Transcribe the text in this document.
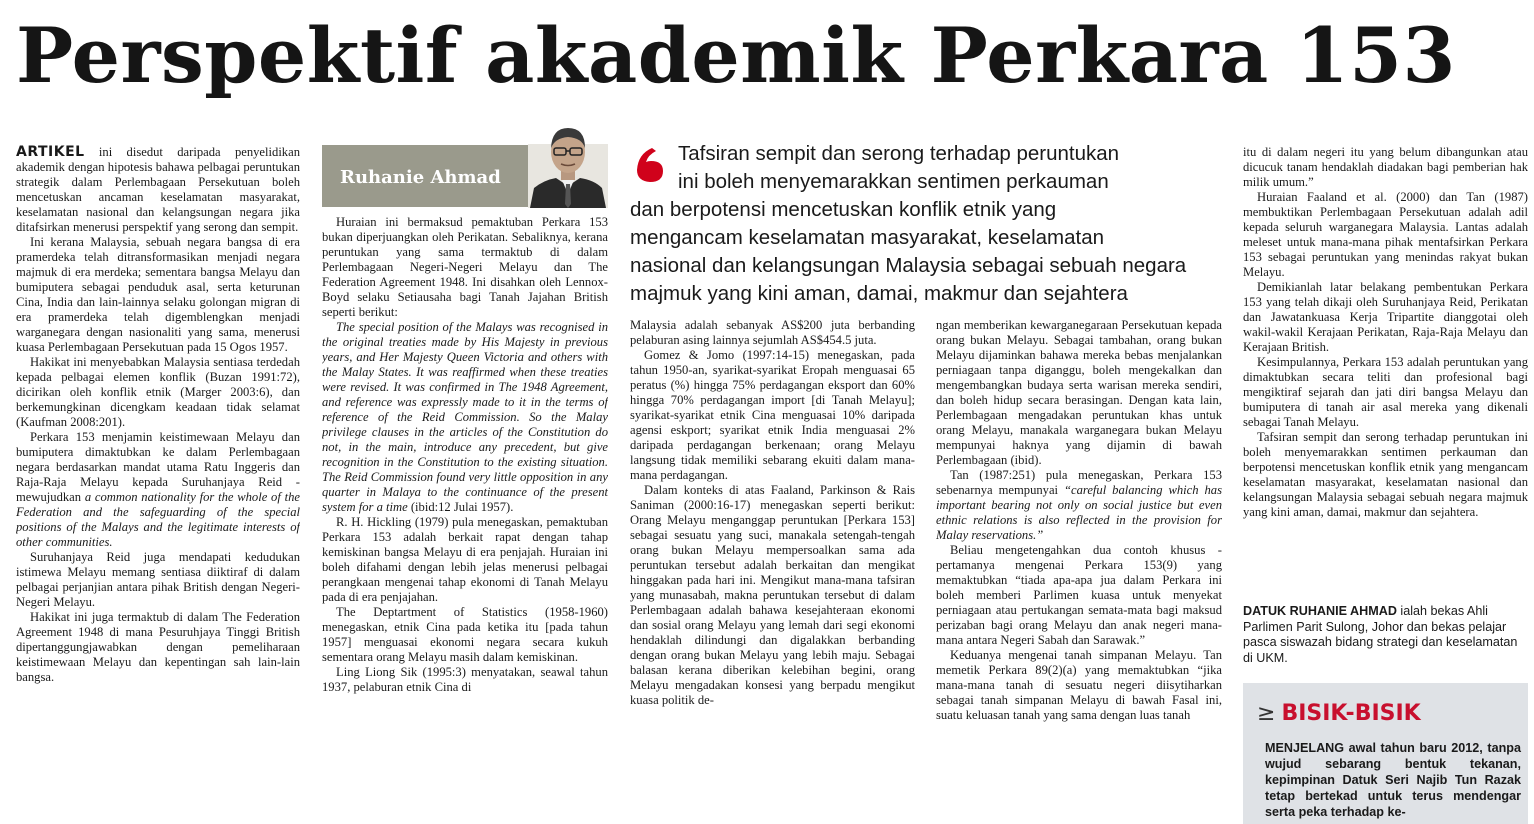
Perspektif akademik Perkara 153

ARTIKEL ini disedut daripada penyelidikan akademik dengan hipotesis bahawa pelbagai peruntukan strategik dalam Perlembagaan Persekutuan boleh mencetuskan ancaman keselamatan masyarakat, keselamatan nasional dan kelangsungan negara jika ditafsirkan menerusi perspektif yang serong dan sempit.

Ini kerana Malaysia, sebuah negara bangsa di era pramerdeka telah ditransformasikan menjadi negara majmuk di era merdeka; sementara bangsa Melayu dan bumiputera sebagai penduduk asal, serta keturunan Cina, India dan lain-lainnya selaku golongan migran di era pramerdeka telah digemblengkan menjadi warganegara dengan nasionaliti yang sama, menerusi kuasa Perlembagaan Persekutuan pada 15 Ogos 1957.

Hakikat ini menyebabkan Malaysia sentiasa terdedah kepada pelbagai elemen konflik (Buzan 1991:72), dicirikan oleh konflik etnik (Marger 2003:6), dan berkemungkinan dicengkam keadaan tidak selamat (Kaufman 2008:201).

Perkara 153 menjamin keistimewaan Melayu dan bumiputera dimaktubkan ke dalam Perlembagaan negara berdasarkan mandat utama Ratu Inggeris dan Raja-Raja Melayu kepada Suruhanjaya Reid - mewujudkan a common nationality for the whole of the Federation and the safeguarding of the special positions of the Malays and the legitimate interests of other communities.

Suruhanjaya Reid juga mendapati kedudukan istimewa Melayu memang sentiasa diiktiraf di dalam pelbagai perjanjian antara pihak British dengan Negeri-Negeri Melayu.

Hakikat ini juga termaktub di dalam The Federation Agreement 1948 di mana Pesuruhjaya Tinggi British dipertanggungjawabkan dengan pemeliharaan keistimewaan Melayu dan kepentingan sah lain-lain bangsa.

Ruhanie Ahmad

Huraian ini bermaksud pemaktuban Perkara 153 bukan diperjuangkan oleh Perikatan. Sebaliknya, kerana peruntukan yang sama termaktub di dalam Perlembagaan Negeri-Negeri Melayu dan The Federation Agreement 1948. Ini disahkan oleh Lennox-Boyd selaku Setiausaha bagi Tanah Jajahan British seperti berikut:

The special position of the Malays was recognised in the original treaties made by His Majesty in previous years, and Her Majesty Queen Victoria and others with the Malay States. It was reaffirmed when these treaties were revised. It was confirmed in The 1948 Agreement, and reference was expressly made to it in the terms of reference of the Reid Commission. So the Malay privilege clauses in the articles of the Constitution do not, in the main, introduce any precedent, but give recognition in the Constitution to the existing situation. The Reid Commission found very little opposition in any quarter in Malaya to the continuance of the present system for a time (ibid:12 Julai 1957).

R. H. Hickling (1979) pula menegaskan, pemaktuban Perkara 153 adalah berkait rapat dengan tahap kemiskinan bangsa Melayu di era penjajah. Huraian ini boleh difahami dengan lebih jelas menerusi pelbagai perangkaan mengenai tahap ekonomi di Tanah Melayu pada di era penjajahan.

The Deptartment of Statistics (1958-1960) menegaskan, etnik Cina pada ketika itu [pada tahun 1957] menguasai ekonomi negara secara kukuh sementara orang Melayu masih dalam kemiskinan.

Ling Liong Sik (1995:3) menyatakan, seawal tahun 1937, pelaburan etnik Cina di

Tafsiran sempit dan serong terhadap peruntukan
ini boleh menyemarakkan sentimen perkauman
dan berpotensi mencetuskan konflik etnik yang
mengancam keselamatan masyarakat, keselamatan
nasional dan kelangsungan Malaysia sebagai sebuah negara
majmuk yang kini aman, damai, makmur dan sejahtera

Malaysia adalah sebanyak AS$200 juta berbanding pelaburan asing lainnya sejumlah AS$454.5 juta.

Gomez & Jomo (1997:14-15) menegaskan, pada tahun 1950-an, syarikat-syarikat Eropah menguasai 65 peratus (%) hingga 75% perdagangan eksport dan 60% hingga 70% perdagangan import [di Tanah Melayu]; syarikat-syarikat etnik Cina menguasai 10% daripada agensi eskport; syarikat etnik India menguasai 2% daripada perdagangan berkenaan; orang Melayu langsung tidak memiliki sebarang ekuiti dalam mana-mana perdagangan.

Dalam konteks di atas Faaland, Parkinson & Rais Saniman (2000:16-17) menegaskan seperti berikut: Orang Melayu menganggap peruntukan [Perkara 153] sebagai sesuatu yang suci, manakala setengah-tengah orang bukan Melayu mempersoalkan sama ada peruntukan tersebut adalah berkaitan dan mengikat hinggakan pada hari ini. Mengikut mana-mana tafsiran yang munasabah, makna peruntukan tersebut di dalam Perlembagaan adalah bahawa kesejahteraan ekonomi dan sosial orang Melayu yang lemah dari segi ekonomi hendaklah dilindungi dan digalakkan berbanding dengan orang bukan Melayu yang lebih maju. Sebagai balasan kerana diberikan kelebihan begini, orang Melayu mengadakan konsesi yang berpadu mengikut kuasa politik de-

ngan memberikan kewarganegaraan Persekutuan kepada orang bukan Melayu. Sebagai tambahan, orang bukan Melayu dijaminkan bahawa mereka bebas menjalankan perniagaan tanpa diganggu, boleh mengekalkan dan mengembangkan budaya serta warisan mereka sendiri, dan boleh hidup secara berasingan. Dengan kata lain, Perlembagaan mengadakan peruntukan khas untuk orang Melayu, manakala warganegara bukan Melayu mempunyai haknya yang dijamin di bawah Perlembagaan (ibid).

Tan (1987:251) pula menegaskan, Perkara 153 sebenarnya mempunyai “careful balancing which has important bearing not only on social justice but even ethnic relations is also reflected in the provision for Malay reservations.”

Beliau mengetengahkan dua contoh khusus - pertamanya mengenai Perkara 153(9) yang memaktubkan “tiada apa-apa jua dalam Perkara ini boleh memberi Parlimen kuasa untuk menyekat perniagaan atau pertukangan semata-mata bagi maksud perizaban bagi orang Melayu dan anak negeri mana-mana antara Negeri Sabah dan Sarawak.”

Keduanya mengenai tanah simpanan Melayu. Tan memetik Perkara 89(2)(a) yang memaktubkan “jika mana-mana tanah di sesuatu negeri diisytiharkan sebagai tanah simpanan Melayu di bawah Fasal ini, suatu keluasan tanah yang sama dengan luas tanah

itu di dalam negeri itu yang belum dibangunkan atau dicucuk tanam hendaklah diadakan bagi pemberian hak milik umum.”

Huraian Faaland et al. (2000) dan Tan (1987) membuktikan Perlembagaan Persekutuan adalah adil kepada seluruh warganegara Malaysia. Lantas adalah meleset untuk mana-mana pihak mentafsirkan Perkara 153 sebagai peruntukan yang menindas rakyat bukan Melayu.

Demikianlah latar belakang pembentukan Perkara 153 yang telah dikaji oleh Suruhanjaya Reid, Perikatan dan Jawatankuasa Kerja Tripartite dianggotai oleh wakil-wakil Kerajaan Perikatan, Raja-Raja Melayu dan Kerajaan British.

Kesimpulannya, Perkara 153 adalah peruntukan yang dimaktubkan secara teliti dan profesional bagi mengiktiraf sejarah dan jati diri bangsa Melayu dan bumiputera di tanah air asal mereka yang dikenali sebagai Tanah Melayu.

Tafsiran sempit dan serong terhadap peruntukan ini boleh menyemarakkan sentimen perkauman dan berpotensi mencetuskan konflik etnik yang mengancam keselamatan masyarakat, keselamatan nasional dan kelangsungan Malaysia sebagai sebuah negara majmuk yang kini aman, damai, makmur dan sejahtera.

DATUK RUHANIE AHMAD ialah bekas Ahli Parlimen Parit Sulong, Johor dan bekas pelajar pasca siswazah bidang strategi dan keselamatan di UKM.
≥ BISIK-BISIK
MENJELANG awal tahun baru 2012, tanpa wujud sebarang bentuk tekanan, kepimpinan Datuk Seri Najib Tun Razak tetap bertekad untuk terus mendengar serta peka terhadap ke-
